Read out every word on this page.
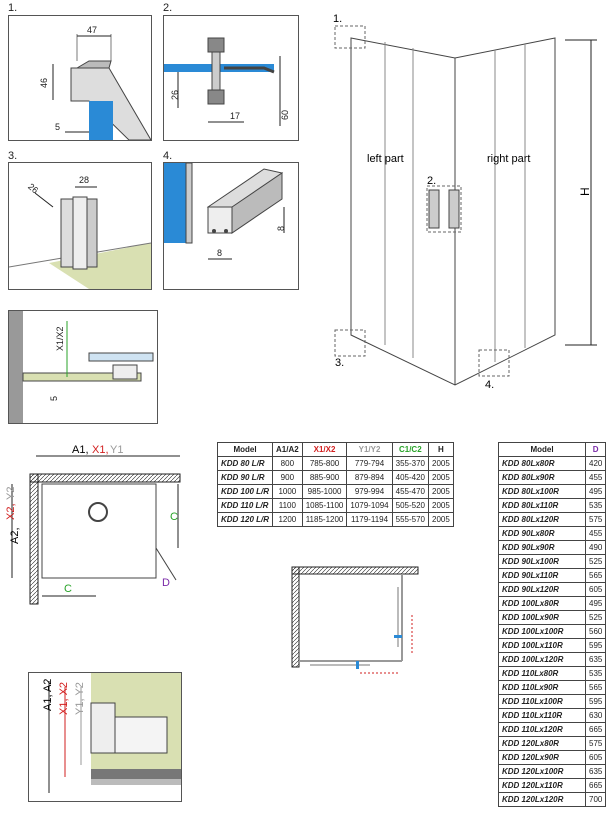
1.
47
46
5
2.
26
17	60
3.
28
26
4.
8
8
1.
2.
3.
4.
left part	right part
H
X1/X2
5
A1, X1, Y1
A2,
X2,
Y2
C
C	D
Model	A1/A2	X1/X2	Y1/Y2	C1/C2	H
KDD 80 L/R	800	785-800	779-794	355-370	2005
KDD 90 L/R	900	885-900	879-894	405-420	2005
KDD 100 L/R	1000	985-1000	979-994	455-470	2005
KDD 110 L/R	1100	1085-1100	1079-1094	505-520	2005
KDD 120 L/R	1200	1185-1200	1179-1194	555-570	2005
A1, A2 X1, X2 Y1, Y2
Model	D
KDD 80Lx80R	420
KDD 80Lx90R	455
KDD 80Lx100R	495
KDD 80Lx110R	535
KDD 80Lx120R	575
KDD 90Lx80R	455
KDD 90Lx90R	490
KDD 90Lx100R	525
KDD 90Lx110R	565
KDD 90Lx120R	605
KDD 100Lx80R	495
KDD 100Lx90R	525
KDD 100Lx100R	560
KDD 100Lx110R	595
KDD 100Lx120R	635
KDD 110Lx80R	535
KDD 110Lx90R	565
KDD 110Lx100R	595
KDD 110Lx110R	630
KDD 110Lx120R	665
KDD 120Lx80R	575
KDD 120Lx90R	605
KDD 120Lx100R	635
KDD 120Lx110R	665
KDD 120Lx120R	700
